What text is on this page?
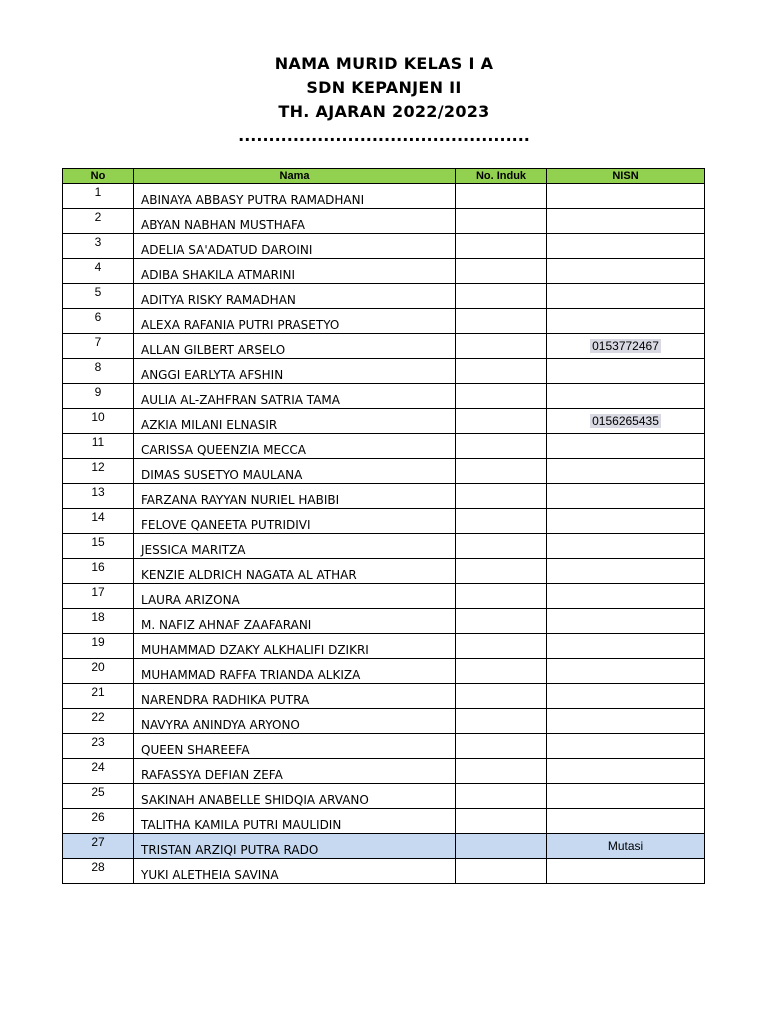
NAMA MURID KELAS I A
SDN KEPANJEN II
TH. AJARAN 2022/2023
................................................
No	Nama	No. Induk	NISN
1	ABINAYA ABBASY PUTRA RAMADHANI		
2	ABYAN NABHAN MUSTHAFA		
3	ADELIA SA'ADATUD DAROINI		
4	ADIBA SHAKILA ATMARINI		
5	ADITYA RISKY RAMADHAN		
6	ALEXA RAFANIA PUTRI PRASETYO		
7	ALLAN GILBERT ARSELO		0153772467
8	ANGGI EARLYTA AFSHIN		
9	AULIA AL-ZAHFRAN SATRIA TAMA		
10	AZKIA MILANI ELNASIR		0156265435
11	CARISSA QUEENZIA MECCA		
12	DIMAS SUSETYO MAULANA		
13	FARZANA RAYYAN NURIEL HABIBI		
14	FELOVE QANEETA PUTRIDIVI		
15	JESSICA MARITZA		
16	KENZIE ALDRICH NAGATA AL ATHAR		
17	LAURA ARIZONA		
18	M. NAFIZ AHNAF ZAAFARANI		
19	MUHAMMAD DZAKY ALKHALIFI DZIKRI		
20	MUHAMMAD RAFFA TRIANDA ALKIZA		
21	NARENDRA RADHIKA PUTRA		
22	NAVYRA ANINDYA ARYONO		
23	QUEEN SHAREEFA		
24	RAFASSYA DEFIAN ZEFA		
25	SAKINAH ANABELLE SHIDQIA ARVANO		
26	TALITHA KAMILA PUTRI MAULIDIN		
27	TRISTAN ARZIQI PUTRA RADO		Mutasi
28	YUKI ALETHEIA SAVINA		
